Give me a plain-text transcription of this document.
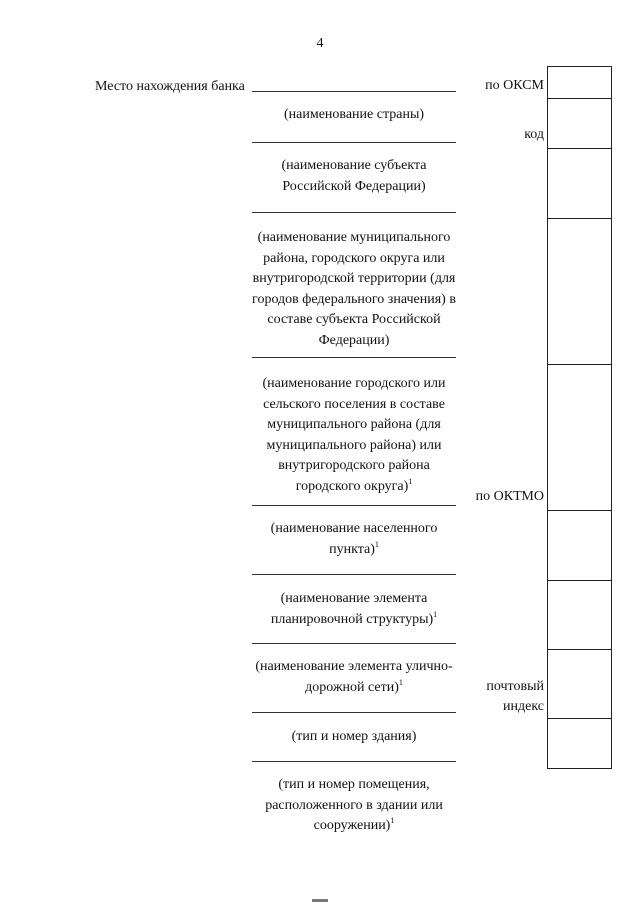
4
Место нахождения банка
(наименование страны)
(наименование субъекта Российской Федерации)
(наименование муниципального района, городского округа или внутригородской территории (для городов федерального значения) в составе субъекта Российской Федерации)
(наименование городского или сельского поселения в составе муниципального района (для муниципального района) или внутригородского района городского округа)$^1$
(наименование населенного пункта)$^1$
(наименование элемента планировочной структуры)$^1$
(наименование элемента улично-дорожной сети)$^1$
(тип и номер здания)
(тип и номер помещения, расположенного в здании или сооружении)$^1$
по ОКСМ
код
по ОКТМО
почтовый индекс
